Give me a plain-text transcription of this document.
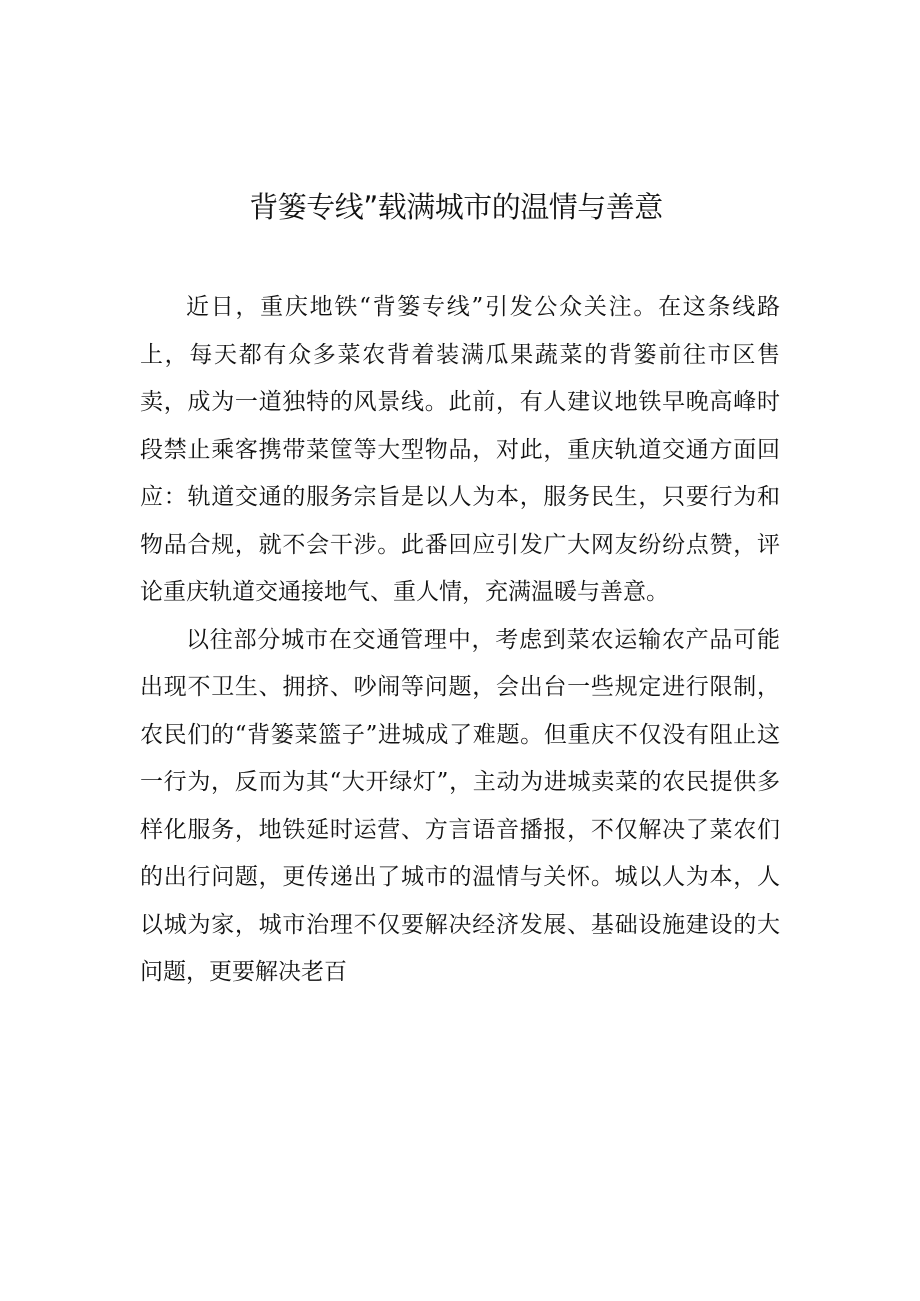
背篓专线”载满城市的温情与善意

近日，重庆地铁“背篓专线”引发公众关注。在这条线路上，每天都有众多菜农背着装满瓜果蔬菜的背篓前往市区售卖，成为一道独特的风景线。此前，有人建议地铁早晚高峰时段禁止乘客携带菜筐等大型物品，对此，重庆轨道交通方面回应：轨道交通的服务宗旨是以人为本，服务民生，只要行为和物品合规，就不会干涉。此番回应引发广大网友纷纷点赞，评论重庆轨道交通接地气、重人情，充满温暖与善意。

以往部分城市在交通管理中，考虑到菜农运输农产品可能出现不卫生、拥挤、吵闹等问题，会出台一些规定进行限制，农民们的“背篓菜篮子”进城成了难题。但重庆不仅没有阻止这一行为，反而为其“大开绿灯”，主动为进城卖菜的农民提供多样化服务，地铁延时运营、方言语音播报，不仅解决了菜农们的出行问题，更传递出了城市的温情与关怀。城以人为本，人以城为家，城市治理不仅要解决经济发展、基础设施建设的大问题，更要解决老百
